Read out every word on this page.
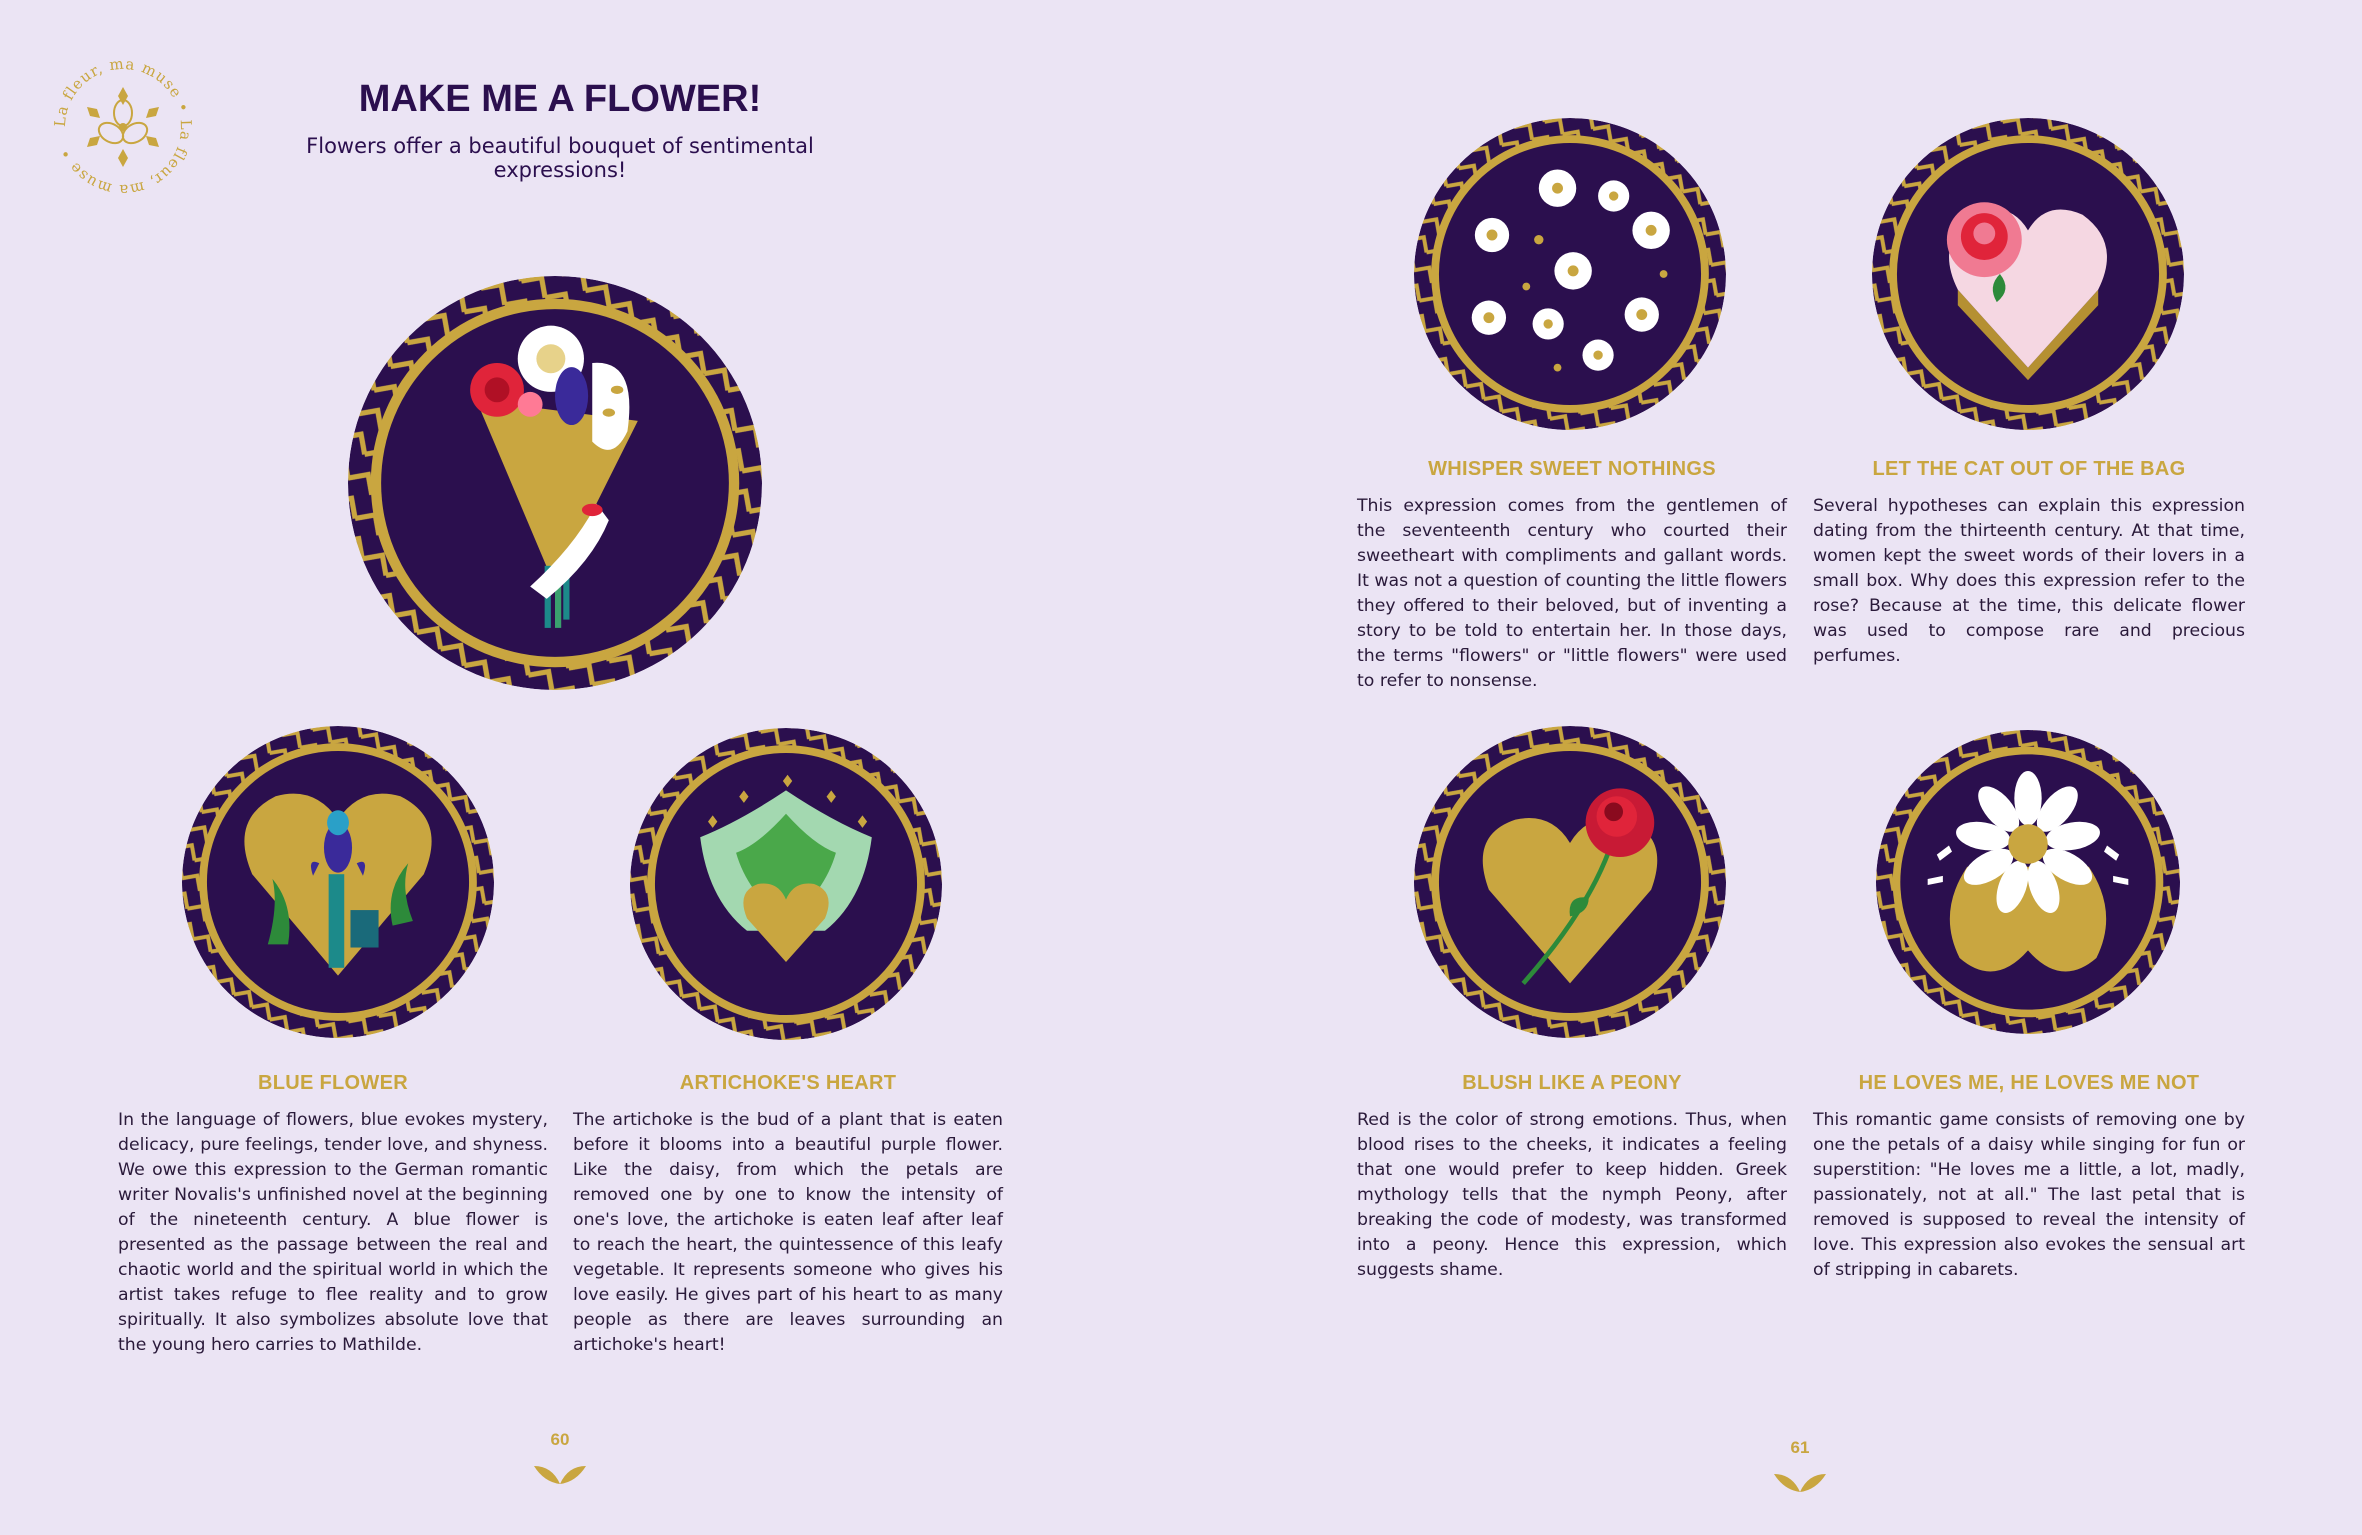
La fleur, ma muse • La fleur, ma muse •
MAKE ME A FLOWER!

Flowers offer a beautiful bouquet of sentimental expressions!

BLUE FLOWER

In the language of flowers, blue evokes mystery, delicacy, pure feelings, tender love, and shyness. We owe this expression to the German romantic writer Novalis's unfinished novel at the beginning of the nineteenth century. A blue flower is presented as the passage between the real and chaotic world and the spiritual world in which the artist takes refuge to flee reality and to grow spiritually. It also symbolizes absolute love that the young hero carries to Mathilde.

ARTICHOKE'S HEART

The artichoke is the bud of a plant that is eaten before it blooms into a beautiful purple flower. Like the daisy, from which the petals are removed one by one to know the intensity of one's love, the artichoke is eaten leaf after leaf to reach the heart, the quintessence of this leafy vegetable. It represents someone who gives his love easily. He gives part of his heart to as many people as there are leaves surrounding an artichoke's heart!

WHISPER SWEET NOTHINGS

This expression comes from the gentlemen of the seventeenth century who courted their sweetheart with compliments and gallant words. It was not a question of counting the little flowers they offered to their beloved, but of inventing a story to be told to entertain her. In those days, the terms "flowers" or "little flowers" were used to refer to nonsense.

LET THE CAT OUT OF THE BAG

Several hypotheses can explain this expression dating from the thirteenth century. At that time, women kept the sweet words of their lovers in a small box. Why does this expression refer to the rose? Because at the time, this delicate flower was used to compose rare and precious perfumes.

BLUSH LIKE A PEONY

Red is the color of strong emotions. Thus, when blood rises to the cheeks, it indicates a feeling that one would prefer to keep hidden. Greek mythology tells that the nymph Peony, after breaking the code of modesty, was transformed into a peony. Hence this expression, which suggests shame.

HE LOVES ME, HE LOVES ME NOT

This romantic game consists of removing one by one the petals of a daisy while singing for fun or superstition: "He loves me a little, a lot, madly, passionately, not at all." The last petal that is removed is supposed to reveal the intensity of love. This expression also evokes the sensual art of stripping in cabarets.

60	61
